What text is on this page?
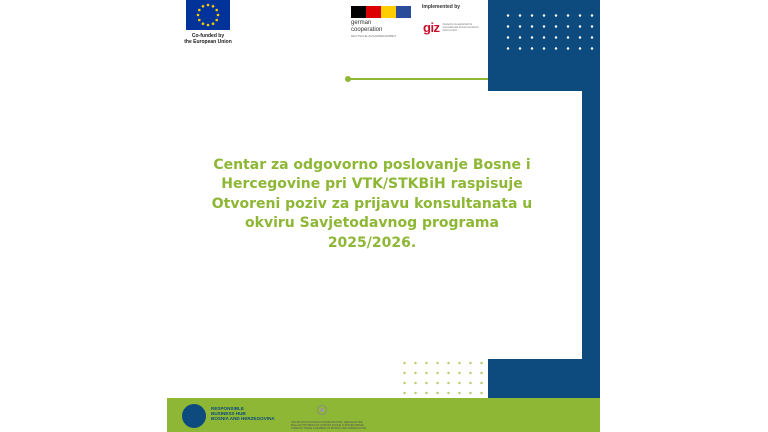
Co-funded by
the European Union
german
cooperation
DEUTSCHE ZUSAMMENARBEIT
Implemented by
giz Deutsche Gesellschaft für Internationale Zusammenarbeit (GIZ) GmbH
Centar za odgovorno poslovanje Bosne i
Hercegovine pri VTK/STKBiH raspisuje
Otvoreni poziv za prijavu konsultanata u
okviru Savjetodavnog programa
2025/2026.
RESPONSIBLE
BUSINESS HUB
BOSNIA AND HERZEGOVINA
RBH NETWORK	VANJSKOTRGOVINSKA KOMORA BOSNE I HERCEGOVINE
ВАЊСКОТРГОВИНСКА КОМОРА БОСНЕ И ХЕРЦЕГОВИНЕ
FOREIGN TRADE CHAMBER OF BOSNIA AND HERZEGOVINA
